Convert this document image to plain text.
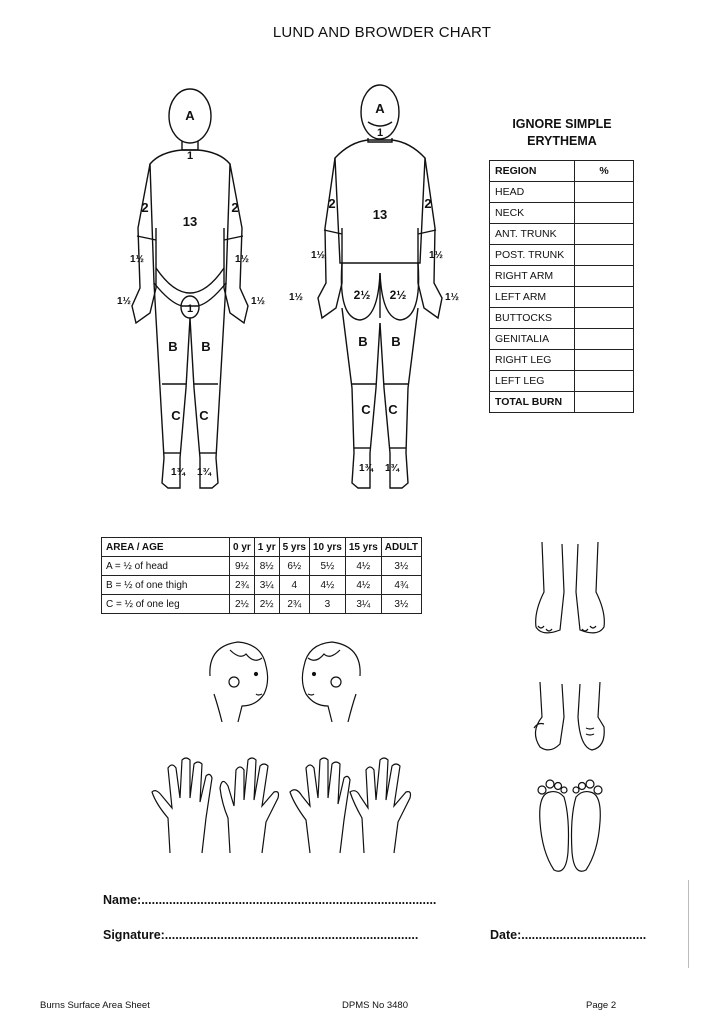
LUND AND BROWDER CHART
A
1
13
2	2
1½	1½
1½	1½
1
B B
C C
1¾ 1¾
A
1
13
2	2
1½	1½
1½	1½
2½ 2½
B B
C C
1¾ 1¾
IGNORE SIMPLE
ERYTHEMA
REGION	%
HEAD	
NECK	
ANT. TRUNK	
POST. TRUNK	
RIGHT ARM	
LEFT ARM	
BUTTOCKS	
GENITALIA	
RIGHT LEG	
LEFT LEG	
TOTAL BURN	
AREA / AGE	0 yr	1 yr	5 yrs	10 yrs	15 yrs	ADULT
A = ½ of head	9½	8½	6½	5½	4½	3½
B = ½ of one thigh	2¾	3¼	4	4½	4½	4¾
C = ½ of one leg	2½	2½	2¾	3	3¼	3½
Name:.....................................................................................
Signature:.........................................................................	Date:....................................
Burns Surface Area Sheet	DPMS No 3480	Page 2
